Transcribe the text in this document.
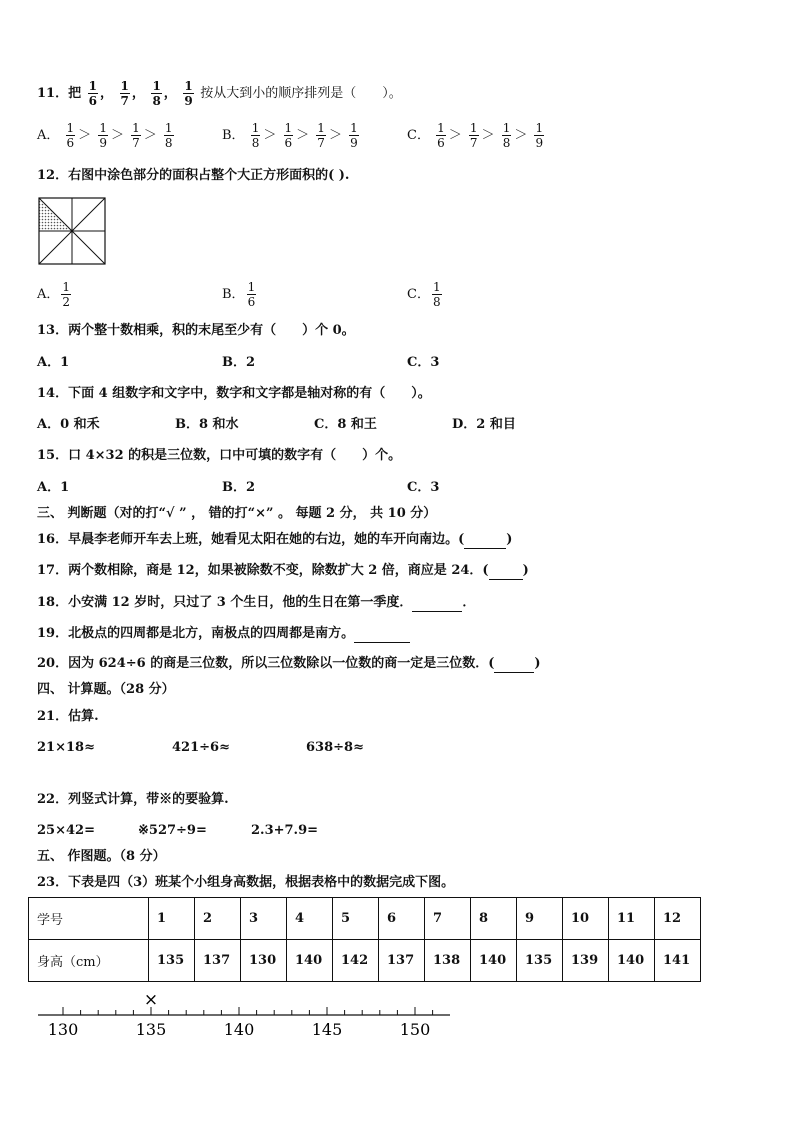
11．把 $\frac{1}{6}$ ， $\frac{1}{7}$ ， $\frac{1}{8}$ ， $\frac{1}{9}$ 按从大到小的顺序排列是（　　）。
A． $\frac{1}{6} > \frac{1}{9} > \frac{1}{7} > \frac{1}{8}$	B． $\frac{1}{8} > \frac{1}{6} > \frac{1}{7} > \frac{1}{9}$	C． $\frac{1}{6} > \frac{1}{7} > \frac{1}{8} > \frac{1}{9}$
12．右图中涂色部分的面积占整个大正方形面积的( ).
A． $\frac{1}{2}$	B． $\frac{1}{6}$	C． $\frac{1}{8}$
13．两个整十数相乘，积的末尾至少有（　　）个 0。
A．1	B．2	C．3
14．下面 4 组数字和文字中，数字和文字都是轴对称的有（　　）。
A．0 和禾	B．8 和水	C．8 和王	D．2 和目
15．口 4×32 的积是三位数，口中可填的数字有（　　）个。
A．1	B．2	C．3
三、 判断题（对的打“√ ” ， 错的打“×” 。 每题 2 分， 共 10 分）
16．早晨李老师开车去上班，她看见太阳在她的右边，她的车开向南边。(	)
17．两个数相除，商是 12，如果被除数不变，除数扩大 2 倍，商应是 24．(	)
18．小安满 12 岁时，只过了 3 个生日，他的生日在第一季度．	．
19．北极点的四周都是北方，南极点的四周都是南方。
20．因为 624÷6 的商是三位数，所以三位数除以一位数的商一定是三位数．(	)
四、 计算题。（28 分）
21．估算.
21×18≈	421÷6≈	638÷8≈
22．列竖式计算，带※的要验算.
25×42=	※527÷9=	2.3+7.9=
五、 作图题。（8 分）
23．下表是四（3）班某个小组身高数据，根据表格中的数据完成下图。
学号	1	2	3	4	5	6	7	8	9	10	11	12
身高（cm）	135	137	130	140	142	137	138	140	135	139	140	141
130	135	140	145	150
×
